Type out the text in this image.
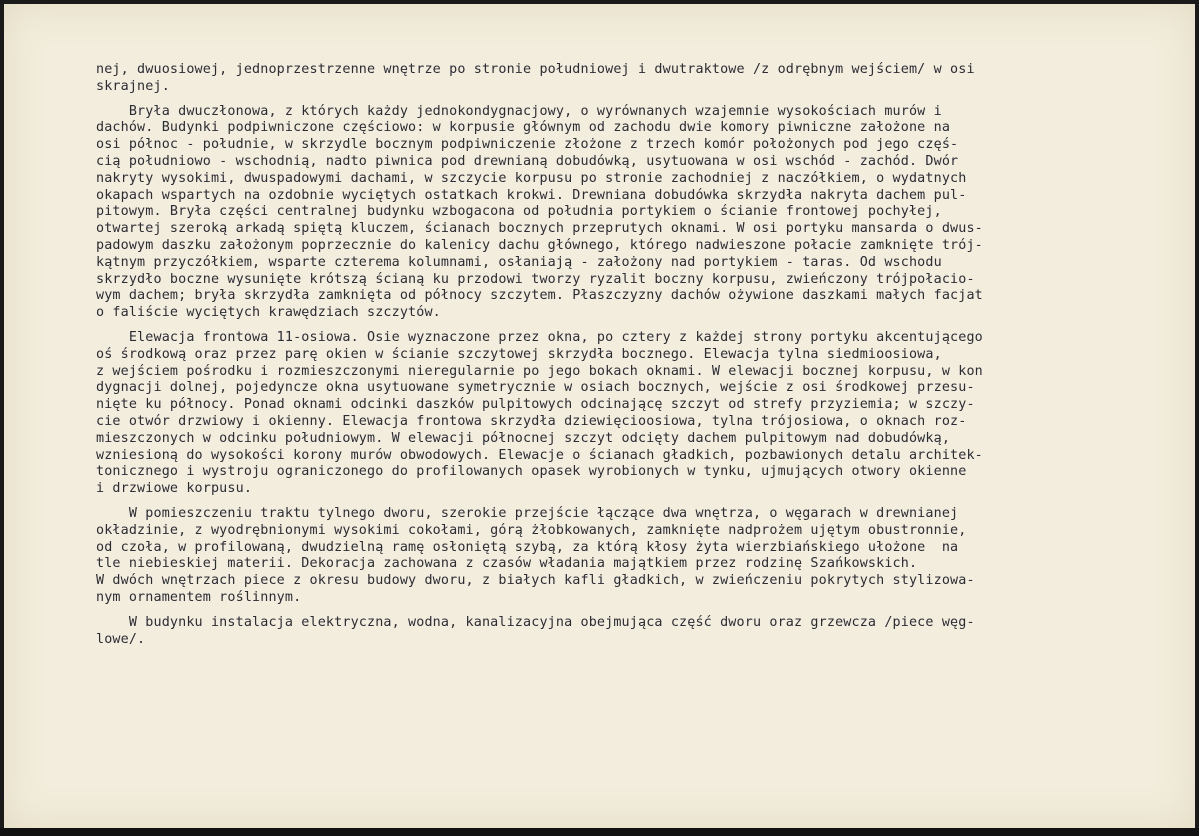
nej, dwuosiowej, jednoprzestrzenne wnętrze po stronie południowej i dwutraktowe /z odrębnym wejściem/ w osi
skrajnej.
Bryła dwuczłonowa, z których każdy jednokondygnacjowy, o wyrównanych wzajemnie wysokościach murów i
dachów. Budynki podpiwniczone częściowo: w korpusie głównym od zachodu dwie komory piwniczne założone na
osi północ - południe, w skrzydle bocznym podpiwniczenie złożone z trzech komór położonych pod jego częś-
cią południowo - wschodnią, nadto piwnica pod drewnianą dobudówką, usytuowana w osi wschód - zachód. Dwór
nakryty wysokimi, dwuspadowymi dachami, w szczycie korpusu po stronie zachodniej z naczółkiem, o wydatnych
okapach wspartych na ozdobnie wyciętych ostatkach krokwi. Drewniana dobudówka skrzydła nakryta dachem pul-
pitowym. Bryła części centralnej budynku wzbogacona od południa portykiem o ścianie frontowej pochyłej,
otwartej szeroką arkadą spiętą kluczem, ścianach bocznych przeprutych oknami. W osi portyku mansarda o dwus-
padowym daszku założonym poprzecznie do kalenicy dachu głównego, którego nadwieszone połacie zamknięte trój-
kątnym przyczółkiem, wsparte czterema kolumnami, osłaniają - założony nad portykiem - taras. Od wschodu
skrzydło boczne wysunięte krótszą ścianą ku przodowi tworzy ryzalit boczny korpusu, zwieńczony trójpołacio-
wym dachem; bryła skrzydła zamknięta od północy szczytem. Płaszczyzny dachów ożywione daszkami małych facjat
o faliście wyciętych krawędziach szczytów.
Elewacja frontowa 11-osiowa. Osie wyznaczone przez okna, po cztery z każdej strony portyku akcentującego
oś środkową oraz przez parę okien w ścianie szczytowej skrzydła bocznego. Elewacja tylna siedmioosiowa,
z wejściem pośrodku i rozmieszczonymi nieregularnie po jego bokach oknami. W elewacji bocznej korpusu, w kon
dygnacji dolnej, pojedyncze okna usytuowane symetrycznie w osiach bocznych, wejście z osi środkowej przesu-
nięte ku północy. Ponad oknami odcinki daszków pulpitowych odcinającę szczyt od strefy przyziemia; w szczy-
cie otwór drzwiowy i okienny. Elewacja frontowa skrzydła dziewięcioosiowa, tylna trójosiowa, o oknach roz-
mieszczonych w odcinku południowym. W elewacji północnej szczyt odcięty dachem pulpitowym nad dobudówką,
wzniesioną do wysokości korony murów obwodowych. Elewacje o ścianach gładkich, pozbawionych detalu architek-
tonicznego i wystroju ograniczonego do profilowanych opasek wyrobionych w tynku, ujmujących otwory okienne
i drzwiowe korpusu.
W pomieszczeniu traktu tylnego dworu, szerokie przejście łączące dwa wnętrza, o węgarach w drewnianej
okładzinie, z wyodrębnionymi wysokimi cokołami, górą żłobkowanych, zamknięte nadprożem ujętym obustronnie,
od czoła, w profilowaną, dwudzielną ramę osłoniętą szybą, za którą kłosy żyta wierzbiańskiego ułożone  na
tle niebieskiej materii. Dekoracja zachowana z czasów władania majątkiem przez rodzinę Szańkowskich.
W dwóch wnętrzach piece z okresu budowy dworu, z białych kafli gładkich, w zwieńczeniu pokrytych stylizowa-
nym ornamentem roślinnym.
W budynku instalacja elektryczna, wodna, kanalizacyjna obejmująca część dworu oraz grzewcza /piece węg-
lowe/.
